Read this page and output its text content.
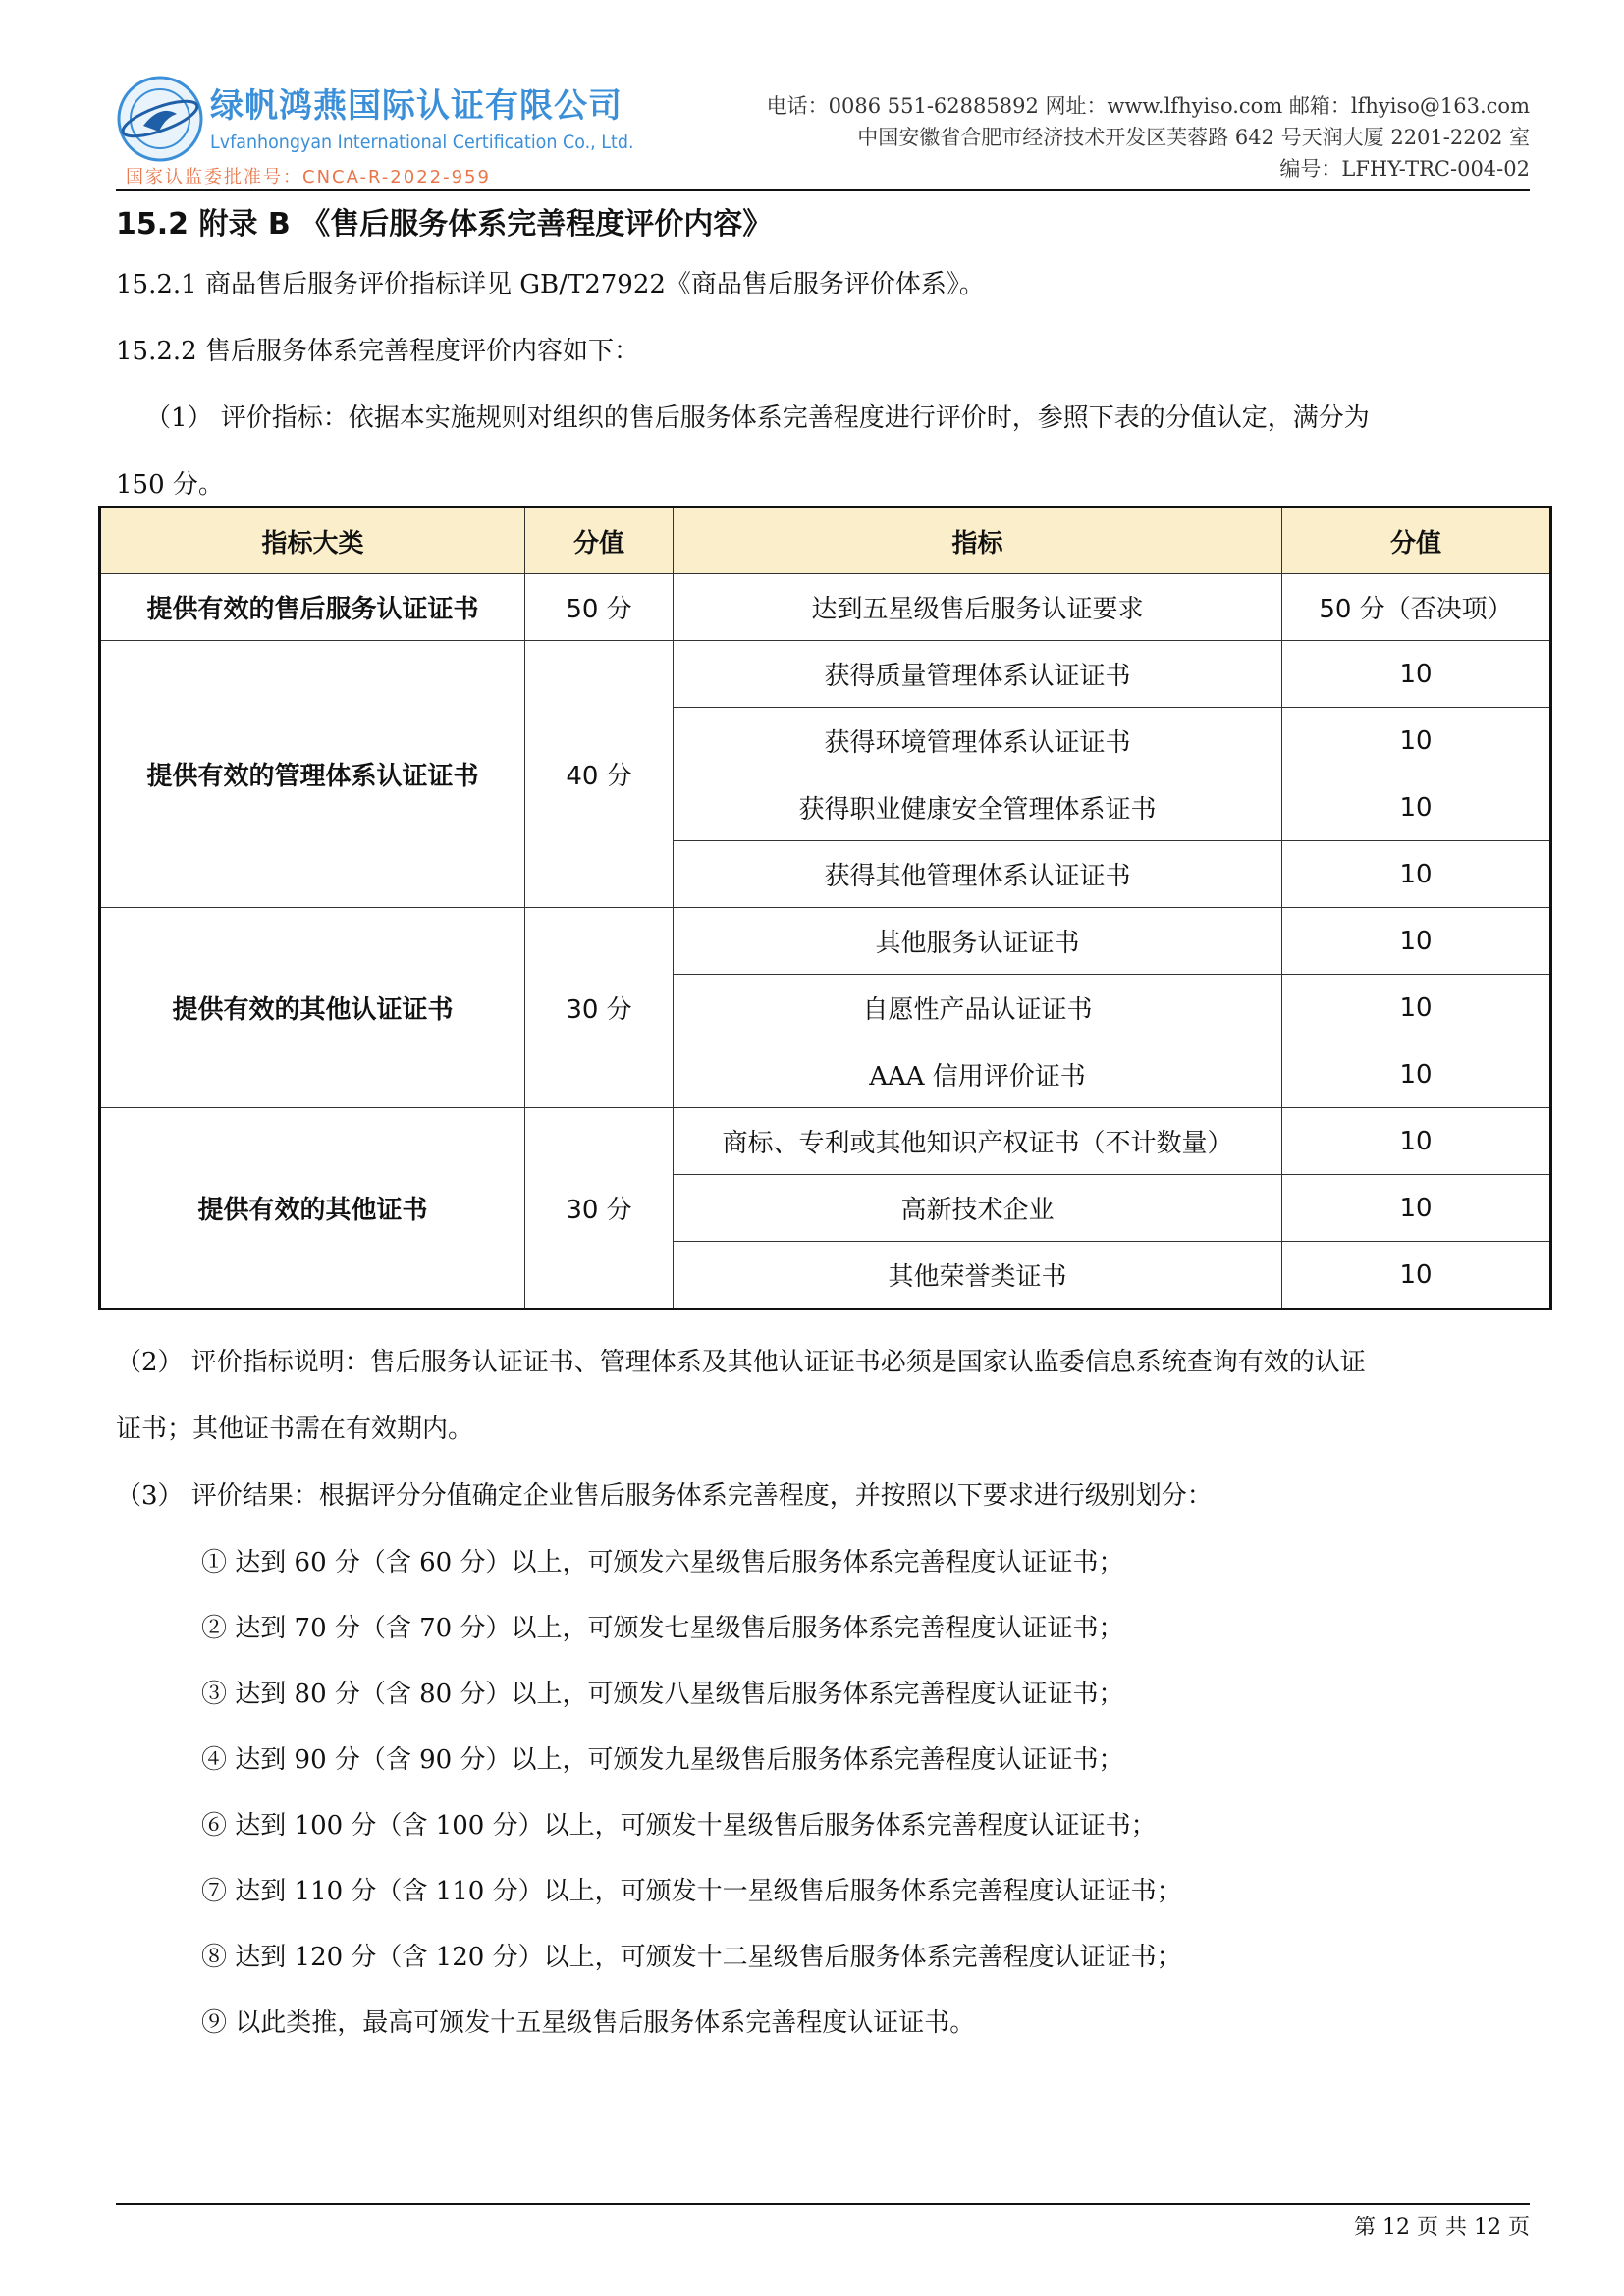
绿帆鸿燕国际认证有限公司
Lvfanhongyan International Certification Co., Ltd.
国家认监委批准号：CNCA-R-2022-959
电话：0086 551-62885892 网址：www.lfhyiso.com 邮箱：lfhyiso@163.com
中国安徽省合肥市经济技术开发区芙蓉路 642 号天润大厦 2201-2202 室
编号：LFHY-TRC-004-02
15.2 附录 B 《售后服务体系完善程度评价内容》
15.2.1 商品售后服务评价指标详见 GB/T27922《商品售后服务评价体系》。
15.2.2 售后服务体系完善程度评价内容如下：
（1） 评价指标：依据本实施规则对组织的售后服务体系完善程度进行评价时，参照下表的分值认定，满分为
150 分。
指标大类	分值	指标	分值
提供有效的售后服务认证证书	50 分	达到五星级售后服务认证要求	50 分（否决项）
提供有效的管理体系认证证书	40 分	获得质量管理体系认证证书	10
		获得环境管理体系认证证书	10
		获得职业健康安全管理体系证书	10
		获得其他管理体系认证证书	10
提供有效的其他认证证书	30 分	其他服务认证证书	10
		自愿性产品认证证书	10
		AAA 信用评价证书	10
提供有效的其他证书	30 分	商标、专利或其他知识产权证书（不计数量）	10
		高新技术企业	10
		其他荣誉类证书	10
（2） 评价指标说明：售后服务认证证书、管理体系及其他认证证书必须是国家认监委信息系统查询有效的认证
证书；其他证书需在有效期内。
（3） 评价结果：根据评分分值确定企业售后服务体系完善程度，并按照以下要求进行级别划分：
① 达到 60 分（含 60 分）以上，可颁发六星级售后服务体系完善程度认证证书；
② 达到 70 分（含 70 分）以上，可颁发七星级售后服务体系完善程度认证证书；
③ 达到 80 分（含 80 分）以上，可颁发八星级售后服务体系完善程度认证证书；
④ 达到 90 分（含 90 分）以上，可颁发九星级售后服务体系完善程度认证证书；
⑥ 达到 100 分（含 100 分）以上，可颁发十星级售后服务体系完善程度认证证书；
⑦ 达到 110 分（含 110 分）以上，可颁发十一星级售后服务体系完善程度认证证书；
⑧ 达到 120 分（含 120 分）以上，可颁发十二星级售后服务体系完善程度认证证书；
⑨ 以此类推，最高可颁发十五星级售后服务体系完善程度认证证书。
第 12 页 共 12 页
